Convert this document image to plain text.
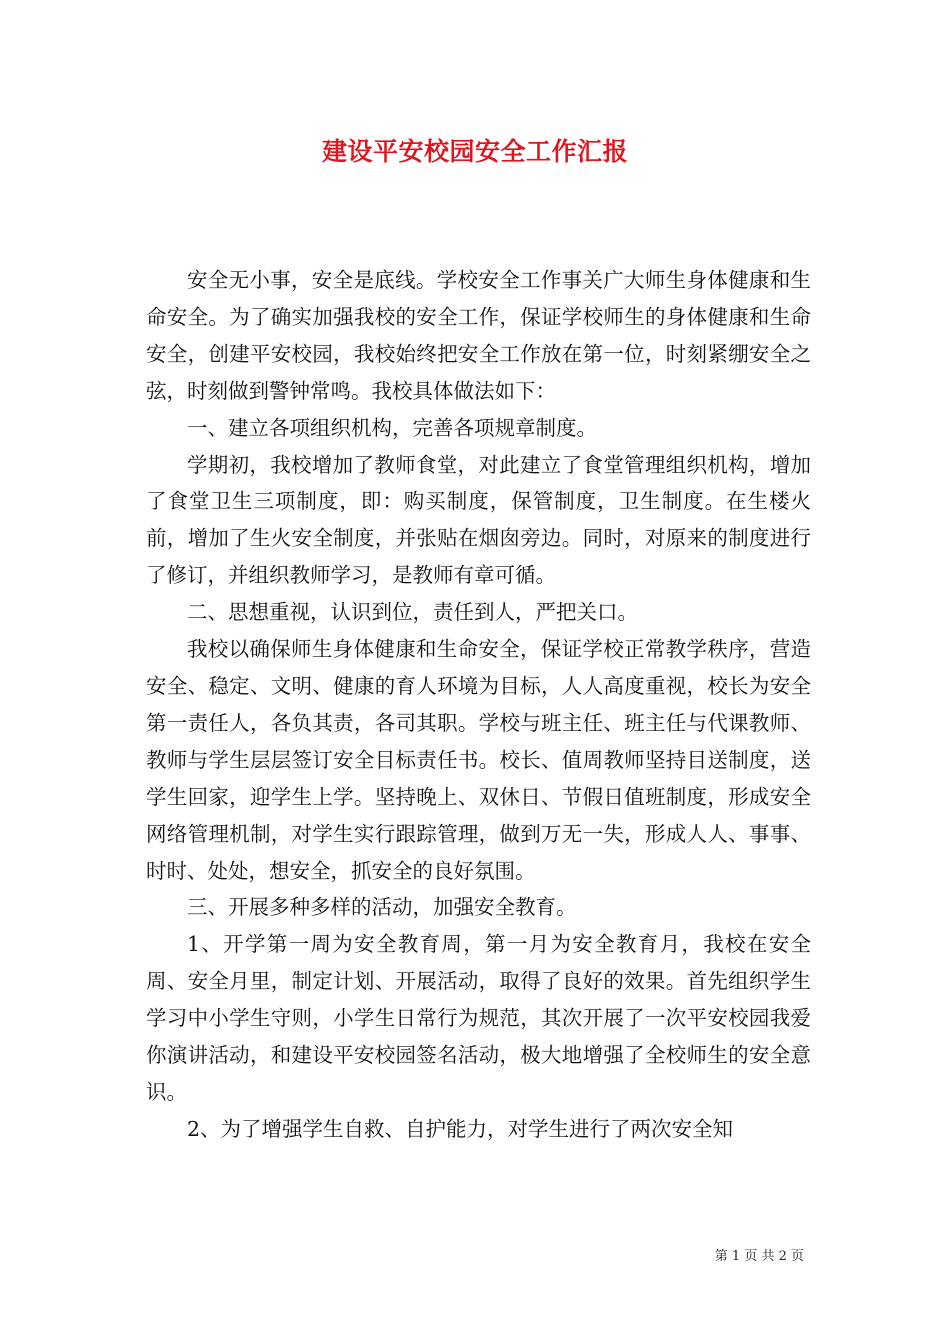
建设平安校园安全工作汇报

安全无小事，安全是底线。学校安全工作事关广大师生身体健康和生命安全。为了确实加强我校的安全工作，保证学校师生的身体健康和生命安全，创建平安校园，我校始终把安全工作放在第一位，时刻紧绷安全之弦，时刻做到警钟常鸣。我校具体做法如下：

一、建立各项组织机构，完善各项规章制度。

学期初，我校增加了教师食堂，对此建立了食堂管理组织机构，增加了食堂卫生三项制度，即：购买制度，保管制度，卫生制度。在生楼火前，增加了生火安全制度，并张贴在烟囱旁边。同时，对原来的制度进行了修订，并组织教师学习，是教师有章可循。

二、思想重视，认识到位，责任到人，严把关口。

我校以确保师生身体健康和生命安全，保证学校正常教学秩序，营造安全、稳定、文明、健康的育人环境为目标，人人高度重视，校长为安全第一责任人，各负其责，各司其职。学校与班主任、班主任与代课教师、教师与学生层层签订安全目标责任书。校长、值周教师坚持目送制度，送学生回家，迎学生上学。坚持晚上、双休日、节假日值班制度，形成安全网络管理机制，对学生实行跟踪管理，做到万无一失，形成人人、事事、时时、处处，想安全，抓安全的良好氛围。

三、开展多种多样的活动，加强安全教育。

1、开学第一周为安全教育周，第一月为安全教育月，我校在安全周、安全月里，制定计划、开展活动，取得了良好的效果。首先组织学生学习中小学生守则，小学生日常行为规范，其次开展了一次平安校园我爱你演讲活动，和建设平安校园签名活动，极大地增强了全校师生的安全意识。

2、为了增强学生自救、自护能力，对学生进行了两次安全知

第 1 页 共 2 页
